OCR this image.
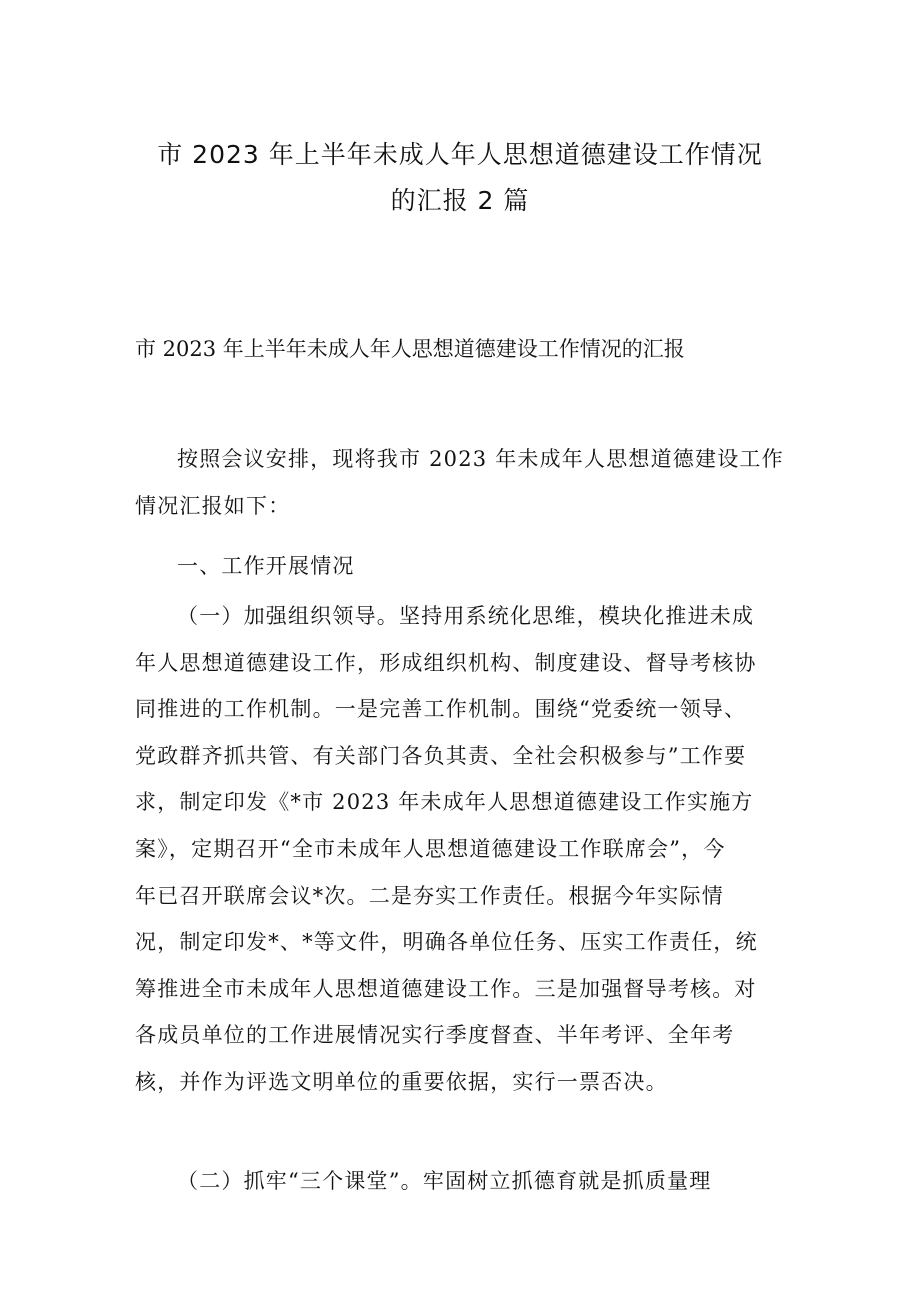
市 2023 年上半年未成人年人思想道德建设工作情况
的汇报 2 篇

市 2023 年上半年未成人年人思想道德建设工作情况的汇报

按照会议安排，现将我市 2023 年未成年人思想道德建设工作
情况汇报如下：

一、工作开展情况

（一）加强组织领导。坚持用系统化思维，模块化推进未成
年人思想道德建设工作，形成组织机构、制度建设、督导考核协
同推进的工作机制。一是完善工作机制。围绕“党委统一领导、
党政群齐抓共管、有关部门各负其责、全社会积极参与”工作要
求，制定印发《*市 2023 年未成年人思想道德建设工作实施方
案》，定期召开“全市未成年人思想道德建设工作联席会”，今
年已召开联席会议*次。二是夯实工作责任。根据今年实际情
况，制定印发*、*等文件，明确各单位任务、压实工作责任，统
筹推进全市未成年人思想道德建设工作。三是加强督导考核。对
各成员单位的工作进展情况实行季度督查、半年考评、全年考
核，并作为评选文明单位的重要依据，实行一票否决。

（二）抓牢“三个课堂”。牢固树立抓德育就是抓质量理
